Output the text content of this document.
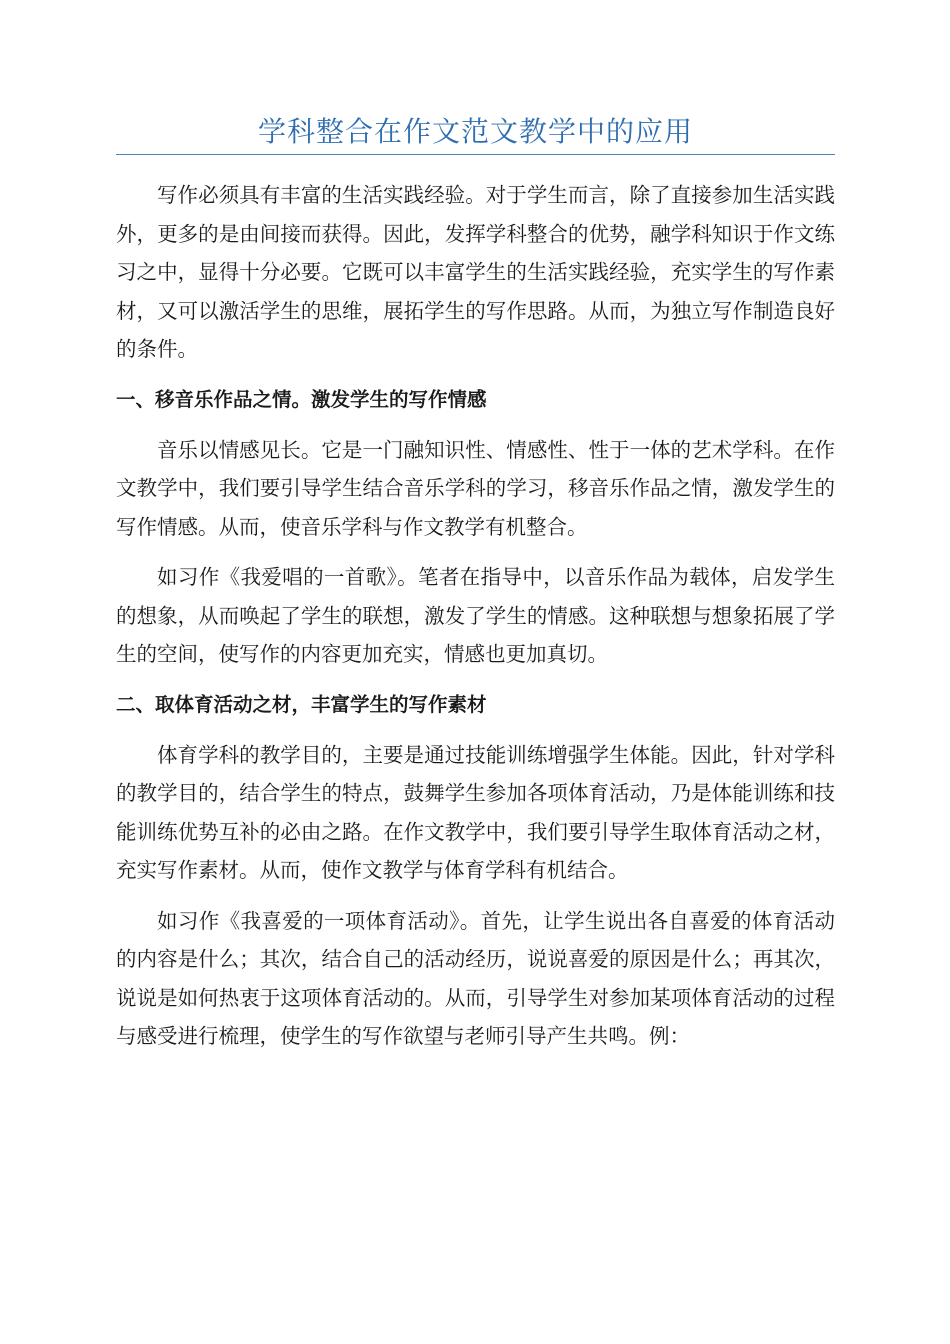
学科整合在作文范文教学中的应用

写作必须具有丰富的生活实践经验。对于学生而言，除了直接参加生活实践外，更多的是由间接而获得。因此，发挥学科整合的优势，融学科知识于作文练习之中，显得十分必要。它既可以丰富学生的生活实践经验，充实学生的写作素材，又可以激活学生的思维，展拓学生的写作思路。从而，为独立写作制造良好的条件。

一、移音乐作品之情。激发学生的写作情感

音乐以情感见长。它是一门融知识性、情感性、性于一体的艺术学科。在作文教学中，我们要引导学生结合音乐学科的学习，移音乐作品之情，激发学生的写作情感。从而，使音乐学科与作文教学有机整合。

如习作《我爱唱的一首歌》。笔者在指导中，以音乐作品为载体，启发学生的想象，从而唤起了学生的联想，激发了学生的情感。这种联想与想象拓展了学生的空间，使写作的内容更加充实，情感也更加真切。

二、取体育活动之材，丰富学生的写作素材

体育学科的教学目的，主要是通过技能训练增强学生体能。因此，针对学科的教学目的，结合学生的特点，鼓舞学生参加各项体育活动，乃是体能训练和技能训练优势互补的必由之路。在作文教学中，我们要引导学生取体育活动之材，充实写作素材。从而，使作文教学与体育学科有机结合。

如习作《我喜爱的一项体育活动》。首先，让学生说出各自喜爱的体育活动的内容是什么；其次，结合自己的活动经历，说说喜爱的原因是什么；再其次，说说是如何热衷于这项体育活动的。从而，引导学生对参加某项体育活动的过程与感受进行梳理，使学生的写作欲望与老师引导产生共鸣。例：
